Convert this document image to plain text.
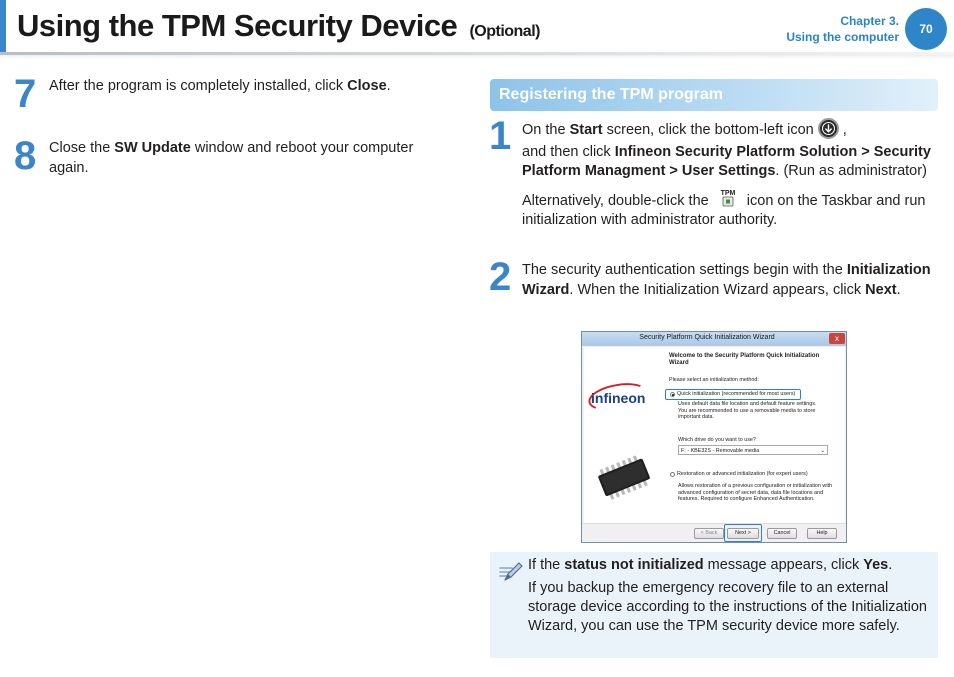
Using the TPM Security Device (Optional)
Chapter 3.
Using the computer
70
7 After the program is completely installed, click Close.
8 Close the SW Update window and reboot your computer again.
Registering the TPM program
1 On the Start screen, click the bottom-left icon
,
and then click Infineon Security Platform Solution > Security Platform Managment > User Settings. (Run as administrator)
Alternatively, double-click the TPM icon on the Taskbar and run initialization with administrator authority.
2 The security authentication settings begin with the Initialization Wizard. When the Initialization Wizard appears, click Next.
Security Platform Quick Initialization Wizard	x
infineon
Welcome to the Security Platform Quick Initialization
Wizard
Please select an initialization method:
Quick initialization (recommended for most users)
Uses default data file location and default feature settings.
You are recommended to use a removable media to store
important data.
Which drive do you want to use?
F: - KBE32S - Removable media	⌄
Restoration or advanced initialization (for expert users)
Allows restoration of a previous configuration or initialization with
advanced configuration of secret data, data file locations and
features. Required to configure Enhanced Authentication.
< Back	Next >	Cancel	Help

If the status not initialized message appears, click Yes.

If you backup the emergency recovery file to an external storage device according to the instructions of the Initialization Wizard, you can use the TPM security device more safely.
